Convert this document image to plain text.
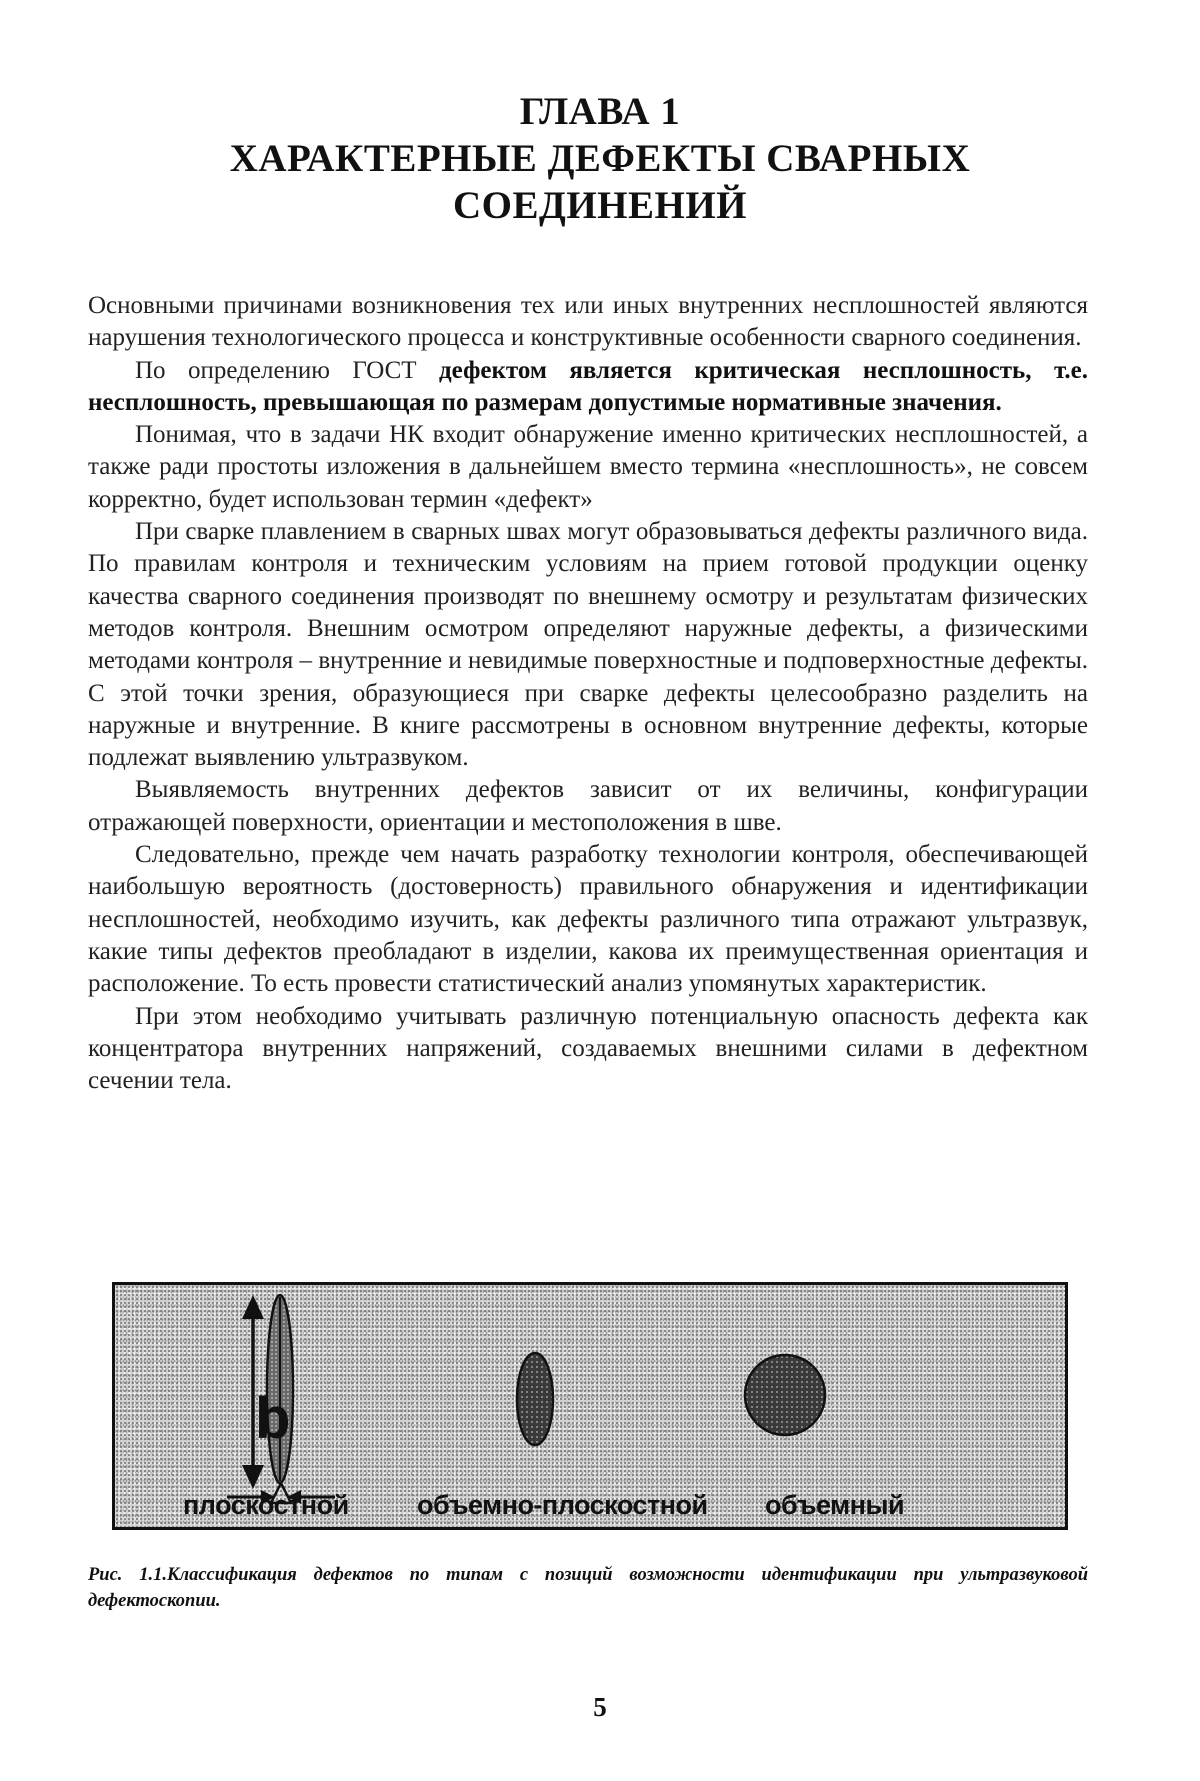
ГЛАВА 1
ХАРАКТЕРНЫЕ ДЕФЕКТЫ СВАРНЫХ
СОЕДИНЕНИЙ

Основными причинами возникновения тех или иных внутренних несплошностей являются нарушения технологического процесса и конструктивные особенности сварного соединения.

По определению ГОСТ дефектом является критическая несплошность, т.е. несплошность, превышающая по размерам допустимые нормативные значения.

Понимая, что в задачи НК входит обнаружение именно критических несплошностей, а также ради простоты изложения в дальнейшем вместо термина «несплошность», не совсем корректно, будет использован термин «дефект»

При сварке плавлением в сварных швах могут образовываться дефекты различного вида. По правилам контроля и техническим условиям на прием готовой продукции оценку качества сварного соединения производят по внешнему осмотру и результатам физических методов контроля. Внешним осмотром определяют наружные дефекты, а физическими методами контроля – внутренние и невидимые поверхностные и подповерхностные дефекты. С этой точки зрения, образующиеся при сварке дефекты целесообразно разделить на наружные и внутренние. В книге рассмотрены в основном внутренние дефекты, которые подлежат выявлению ультразвуком.

Выявляемость внутренних дефектов зависит от их величины, конфигурации отражающей поверхности, ориентации и местоположения в шве.

Следовательно, прежде чем начать разработку технологии контроля, обеспечивающей наибольшую вероятность (достоверность) правильного обнаружения и идентификации несплошностей, необходимо изучить, как дефекты различного типа отражают ультразвук, какие типы дефектов преобладают в изделии, какова их преимущественная ориентация и расположение. То есть провести статистический анализ упомянутых характеристик.

При этом необходимо учитывать различную потенциальную опасность дефекта как концентратора внутренних напряжений, создаваемых внешними силами в дефектном сечении тела.

b
плоскостной	объемно-плоскостной объемный
Рис. 1.1.Классификация дефектов по типам с позиций возможности идентификации при ультразвуковой дефектоскопии.
5
